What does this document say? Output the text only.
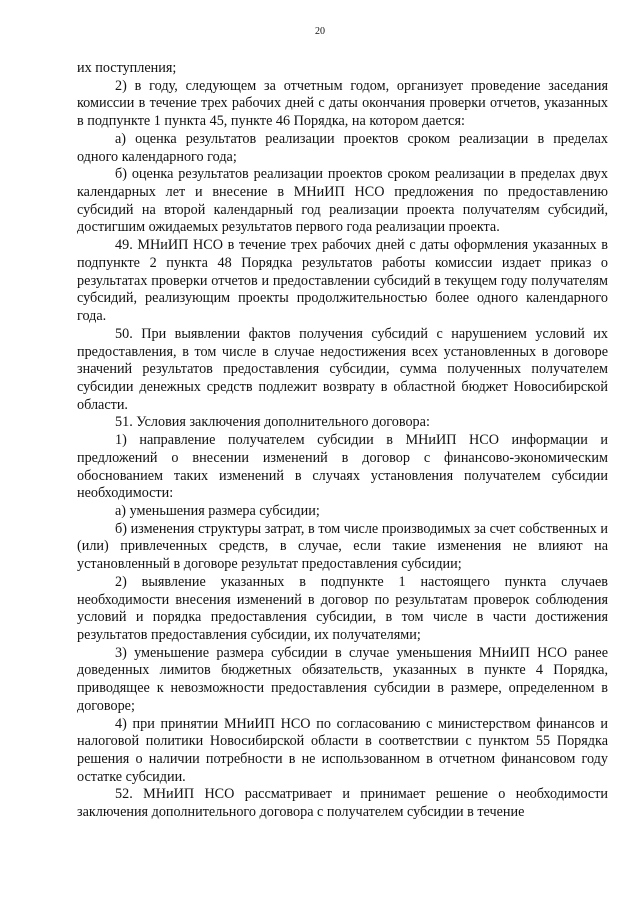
20

их поступления;

2) в году, следующем за отчетным годом, организует проведение заседания комиссии в течение трех рабочих дней с даты окончания проверки отчетов, указанных в подпункте 1 пункта 45, пункте 46 Порядка, на котором дается:

а) оценка результатов реализации проектов сроком реализации в пределах одного календарного года;

б) оценка результатов реализации проектов сроком реализации в пределах двух календарных лет и внесение в МНиИП НСО предложения по предоставлению субсидий на второй календарный год реализации проекта получателям субсидий, достигшим ожидаемых результатов первого года реализации проекта.

49. МНиИП НСО в течение трех рабочих дней с даты оформления указанных в подпункте 2 пункта 48 Порядка результатов работы комиссии издает приказ о результатах проверки отчетов и предоставлении субсидий в текущем году получателям субсидий, реализующим проекты продолжительностью более одного календарного года.

50. При выявлении фактов получения субсидий с нарушением условий их предоставления, в том числе в случае недостижения всех установленных в договоре значений результатов предоставления субсидии, сумма полученных получателем субсидии денежных средств подлежит возврату в областной бюджет Новосибирской области.

51. Условия заключения дополнительного договора:

1) направление получателем субсидии в МНиИП НСО информации и предложений о внесении изменений в договор с финансово-экономическим обоснованием таких изменений в случаях установления получателем субсидии необходимости:

а) уменьшения размера субсидии;

б) изменения структуры затрат, в том числе производимых за счет собственных и (или) привлеченных средств, в случае, если такие изменения не влияют на установленный в договоре результат предоставления субсидии;

2) выявление указанных в подпункте 1 настоящего пункта случаев необходимости внесения изменений в договор по результатам проверок соблюдения условий и порядка предоставления субсидии, в том числе в части достижения результатов предоставления субсидии, их получателями;

3) уменьшение размера субсидии в случае уменьшения МНиИП НСО ранее доведенных лимитов бюджетных обязательств, указанных в пункте 4 Порядка, приводящее к невозможности предоставления субсидии в размере, определенном в договоре;

4) при принятии МНиИП НСО по согласованию с министерством финансов и налоговой политики Новосибирской области в соответствии с пунктом 55 Порядка решения о наличии потребности в не использованном в отчетном финансовом году остатке субсидии.

52. МНиИП НСО рассматривает и принимает решение о необходимости заключения дополнительного договора с получателем субсидии в течение
